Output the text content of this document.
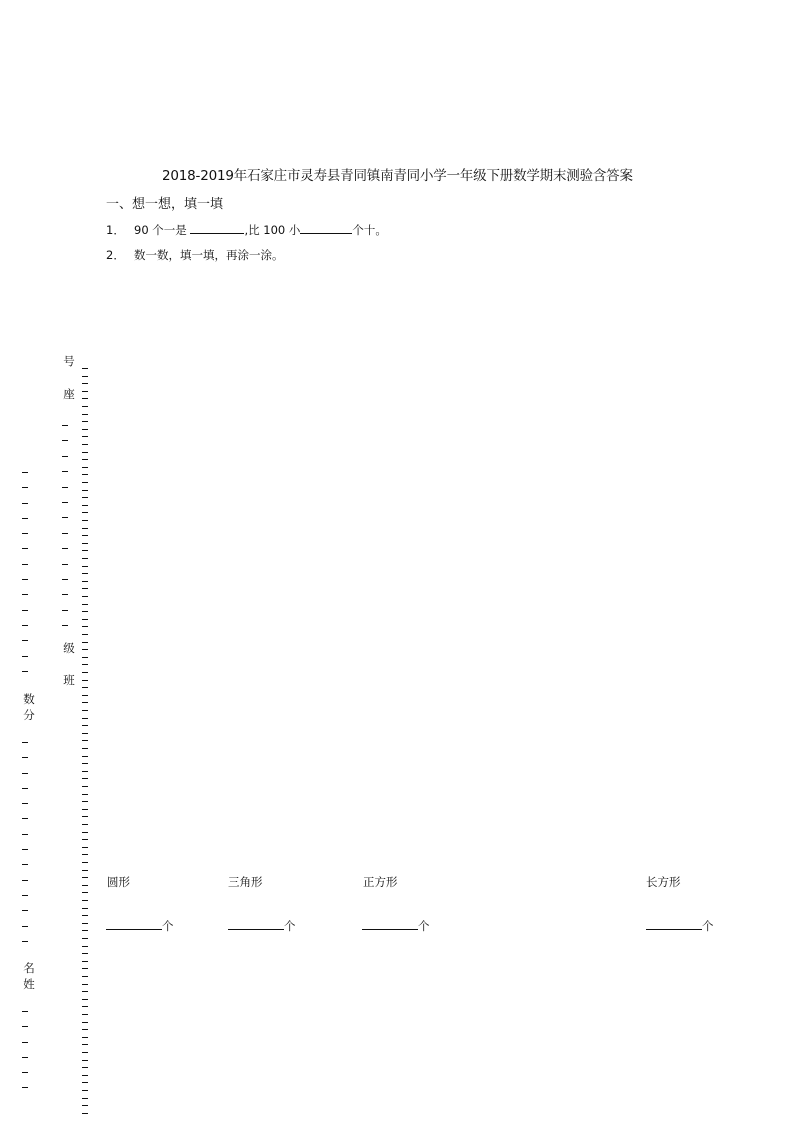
2018-2019年石家庄市灵寿县青同镇南青同小学一年级下册数学期末测验含答案
一、想一想，填一填
1． 90 个一是	,比 100 小	个十。
2． 数一数，填一填，再涂一涂。
号
座
级
班
数
分
名
姓
圆形	三角形	正方形	长方形
个	个	个	个
